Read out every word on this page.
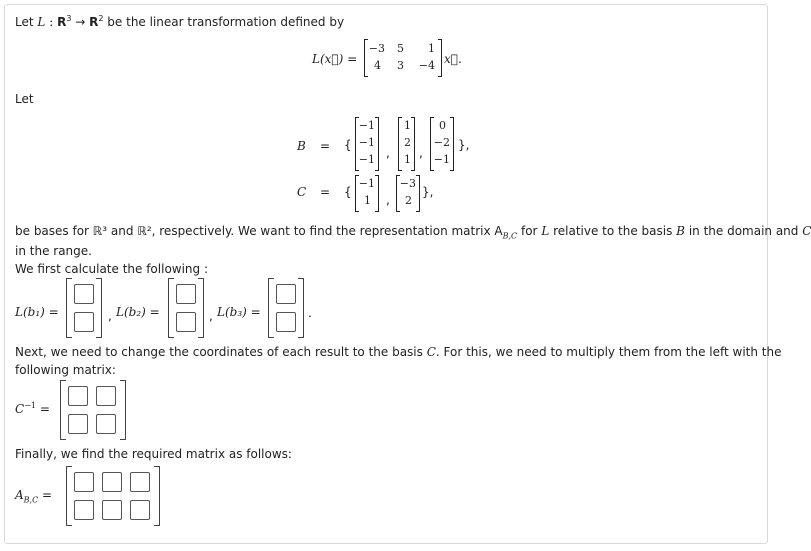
Let L : $R^3 \to R^2$ be the linear transformation defined by
L(x⃗) =
−3	5	1
4	3 −4 x⃗.
Let
B = {
−1
−1
−1 ,
1
2
1 ,
0
−2
−1
},
C = {
−1
1 ,
−3
2
},
be bases for ℝ³ and ℝ², respectively. We want to find the representation matrix $A_{B,C}$ for L relative to the basis B in the domain and C
in the range.
We first calculate the following :
L(b₁) =	, L(b₂) =	, L(b₃) =	.
Next, we need to change the coordinates of each result to the basis C. For this, we need to multiply them from the left with the
following matrix:
$C^{-1}$ =
Finally, we find the required matrix as follows:
$A_{B,C}$ =
